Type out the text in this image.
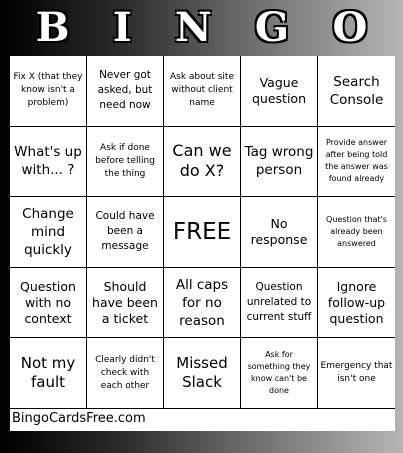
B I N G O
Fix X (that they know isn't a problem)
Never got asked, but need now
Ask about site without client name
Vague question
Search Console
What's up with... ?
Ask if done before telling the thing
Can we do X?
Tag wrong person
Provide answer after being told the answer was found already
Change mind quickly
Could have been a message
FREE	No response
Question that's already been answered
Question with no context
Should have been a ticket
All caps for no reason
Question unrelated to current stuff
Ignore follow-up question
Not my fault
Clearly didn't check with each other
Missed Slack
Ask for something they know can't be done
Emergency that isn't one
BingoCardsFree.com
